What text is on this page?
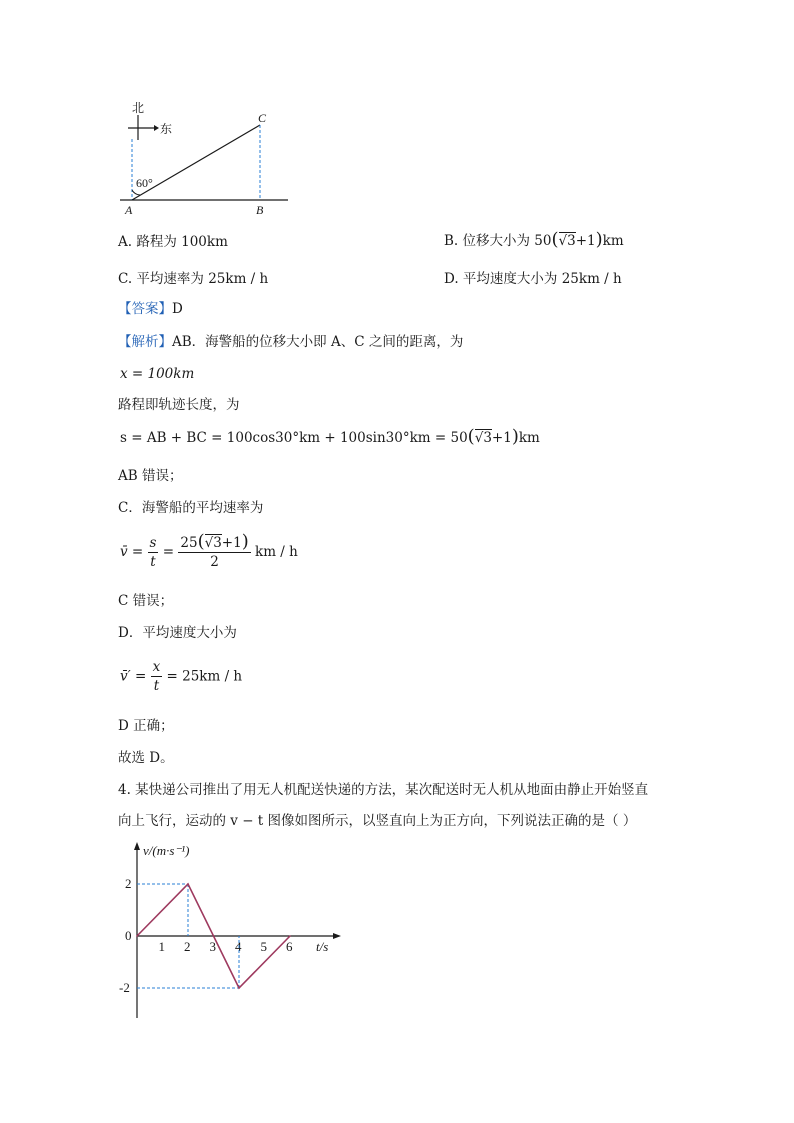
北
东
60°
A	B
C
A. 路程为 100km	B. 位移大小为 50(√3+1)km
C. 平均速率为 25km / h	D. 平均速度大小为 25km / h
【答案】D
【解析】AB．海警船的位移大小即 A、C 之间的距离，为
x = 100km
路程即轨迹长度，为
s = AB + BC = 100cos30°km + 100sin30°km = 50(√3+1)km
AB 错误；
C．海警船的平均速率为
v̄ = $\frac{s}{t} = \frac{25(√3+1)}{2}$ km / h
C 错误；
D．平均速度大小为
v̄′ = $\frac{x}{t} = 25km / h$
D 正确；
故选 D。
4. 某快递公司推出了用无人机配送快递的方法，某次配送时无人机从地面由静止开始竖直
向上飞行，运动的 v − t 图像如图所示，以竖直向上为正方向，下列说法正确的是（ ）
v/(m·s⁻¹)
t/s
1 2 3 4 5 6
2
0
-2
